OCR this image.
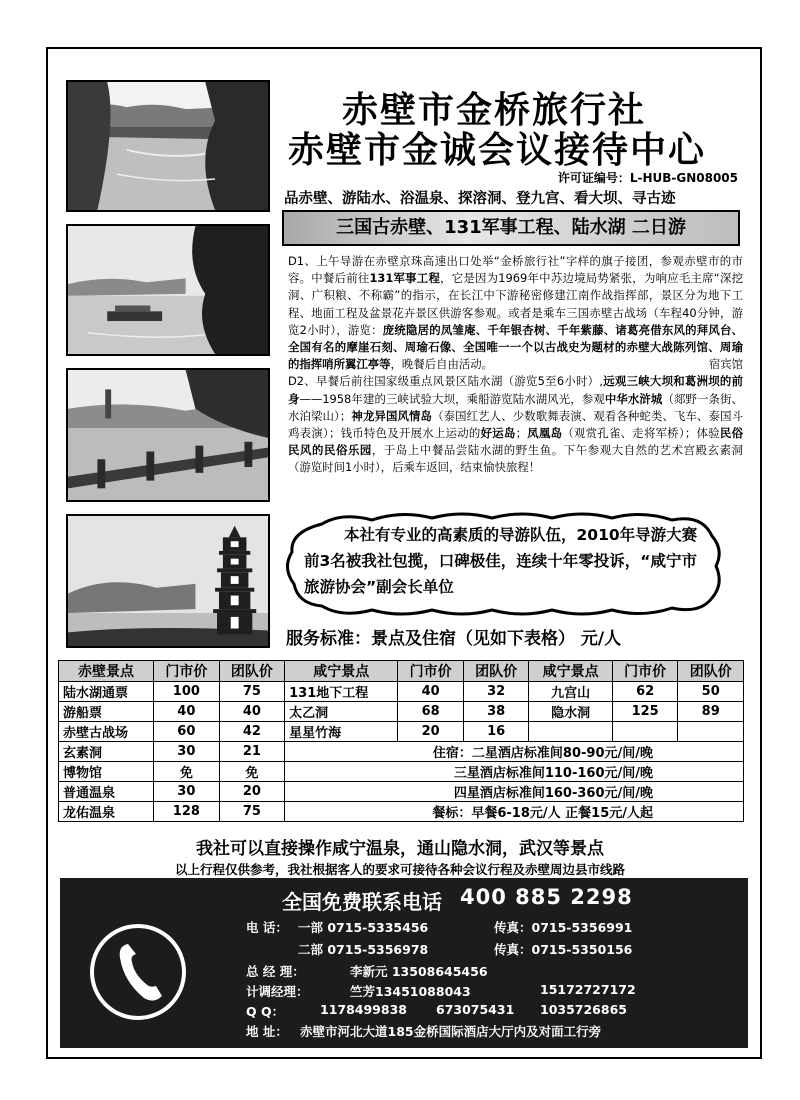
赤壁市金桥旅行社
赤壁市金诚会议接待中心
许可证编号：L-HUB-GN08005
品赤壁、游陆水、浴温泉、探溶洞、登九宫、看大坝、寻古迹
三国古赤壁、131军事工程、陆水湖 二日游

D1、上午导游在赤壁京珠高速出口处举“金桥旅行社”字样的旗子接团，参观赤壁市的市容。中餐后前往131军事工程，它是因为1969年中苏边境局势紧张，为响应毛主席“深挖洞、广积粮、不称霸”的指示，在长江中下游秘密修建江南作战指挥部，景区分为地下工程、地面工程及盆景花卉景区供游客参观。或者是乘车三国赤壁古战场（车程40分钟，游览2小时），游览：庞统隐居的凤雏庵、千年银杏树、千年紫藤、诸葛亮借东风的拜风台、全国有名的摩崖石刻、周瑜石像、全国唯一一个以古战史为题材的赤壁大战陈列馆、周瑜的指挥哨所翼江亭等，晚餐后自由活动。	宿宾馆

D2、早餐后前往国家级重点风景区陆水湖（游览5至6小时）,远观三峡大坝和葛洲坝的前身——1958年建的三峡试验大坝，乘船游览陆水湖风光，参观中华水浒城（郯野一条街、水泊梁山）；神龙异国风情岛（泰国红艺人、少数歌舞表演、观看各种蛇类、飞车、泰国斗鸡表演）；钱币特色及开展水上运动的好运岛；凤凰岛（观赏孔雀、走将军桥）；体验民俗民风的民俗乐园，于岛上中餐品尝陆水湖的野生鱼。下午参观大自然的艺术宫殿玄素洞（游览时间1小时），后乘车返回，结束愉快旅程！

本社有专业的高素质的导游队伍，2010年导游大赛前3名被我社包揽，口碑极佳，连续十年零投诉，“咸宁市旅游协会”副会长单位
服务标准：景点及住宿（见如下表格） 元/人
赤壁景点	门市价	团队价	咸宁景点	门市价	团队价	咸宁景点	门市价	团队价
陆水湖通票	100	75	131地下工程	40	32	九宫山	62	50
游船票	40	40	太乙洞	68	38	隐水洞	125	89
赤壁古战场	60	42	星星竹海	20	16			
玄素洞	30	21	住宿：二星酒店标准间80-90元/间/晚					
博物馆	免	免	三星酒店标准间110-160元/间/晚					
普通温泉	30	20	四星酒店标准间160-360元/间/晚					
龙佑温泉	128	75	餐标：早餐6-18元/人 正餐15元/人起					
我社可以直接操作咸宁温泉，通山隐水洞，武汉等景点
以上行程仅供参考，我社根据客人的要求可接待各种会议行程及赤壁周边县市线路
全国免费联系电话 400 885 2298
电 话： 一部 0715-5335456	传真：0715-5356991
二部 0715-5356978	传真：0715-5350156
总 经 理：	李新元 13508645456
计调经理：	竺芳13451088043	15172727172
Q Q：	1178499838 673075431 1035726865
地 址： 赤壁市河北大道185金桥国际酒店大厅内及对面工行旁
